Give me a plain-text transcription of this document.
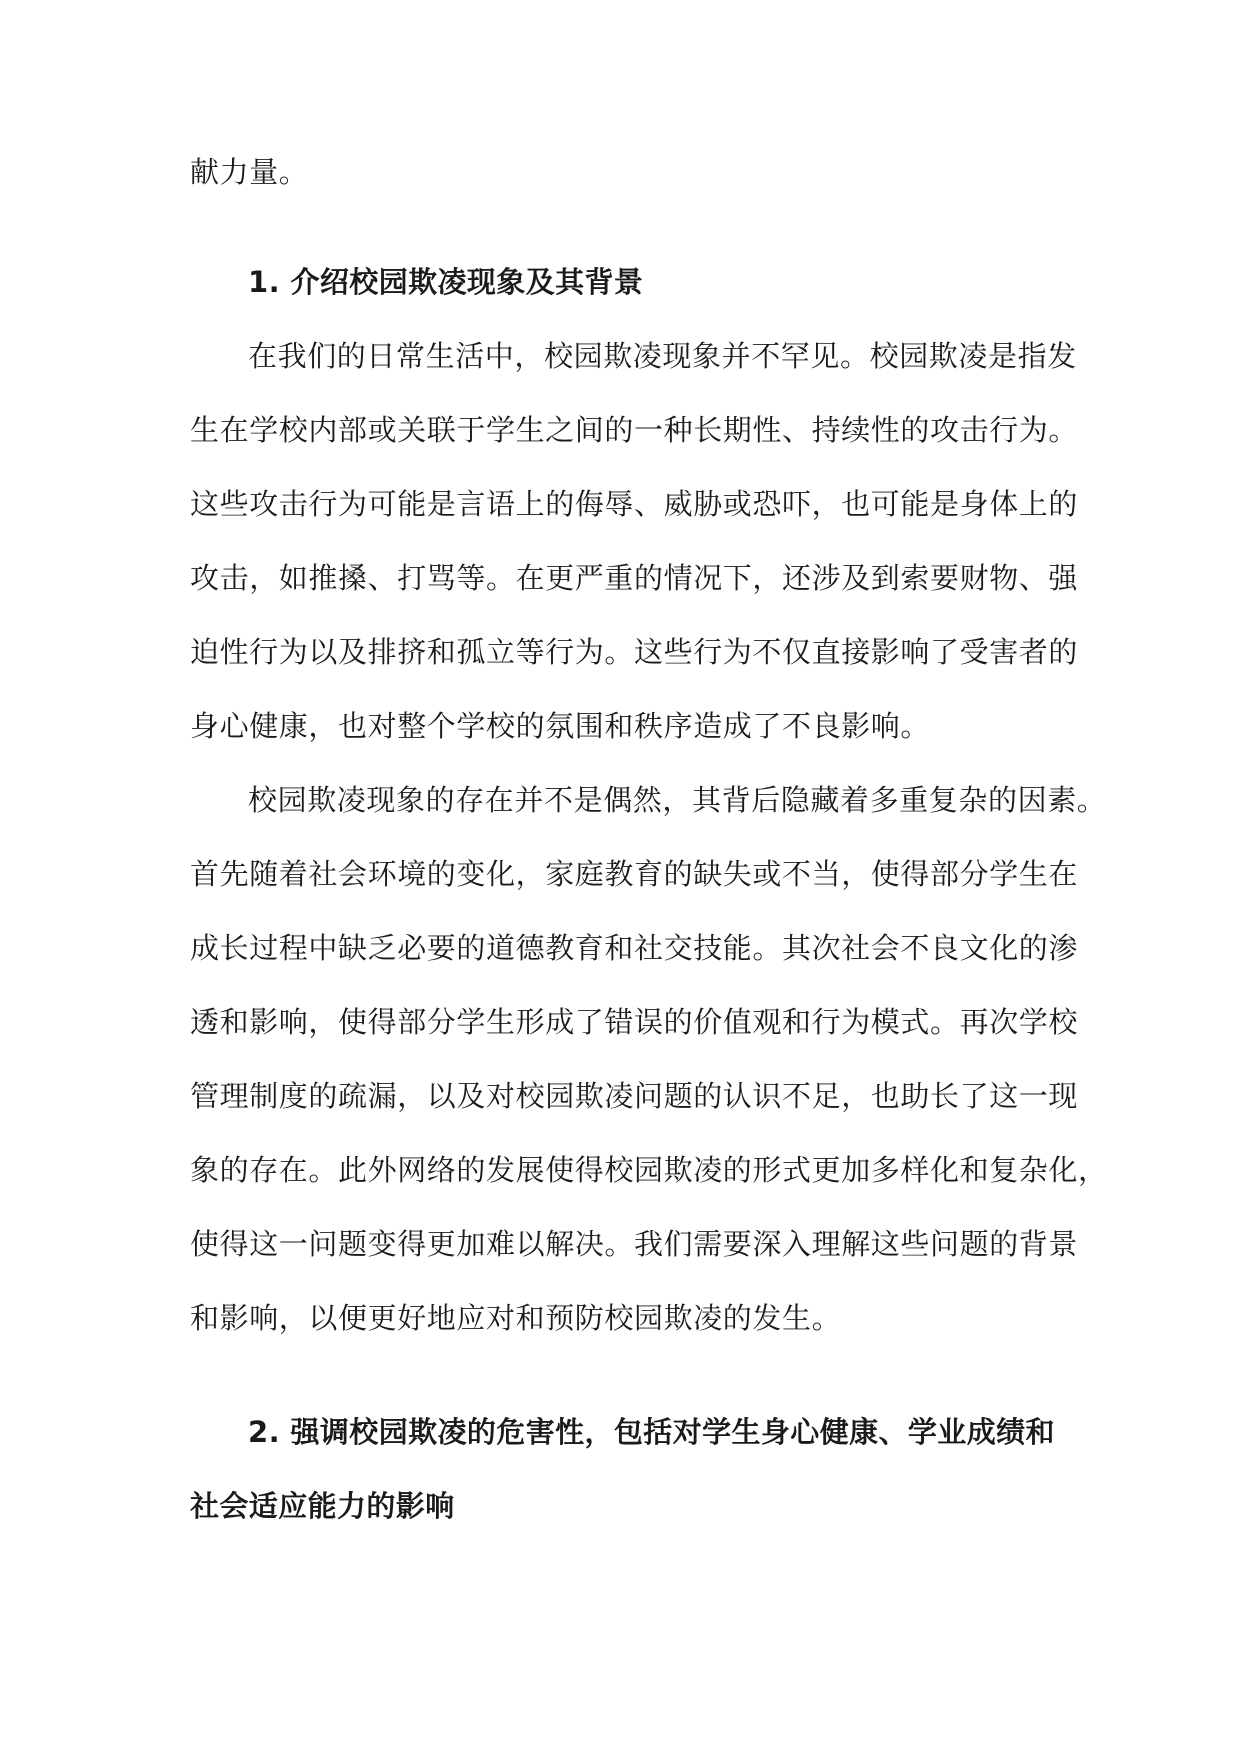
献力量。
1. 介绍校园欺凌现象及其背景
在我们的日常生活中，校园欺凌现象并不罕见。校园欺凌是指发
生在学校内部或关联于学生之间的一种长期性、持续性的攻击行为。
这些攻击行为可能是言语上的侮辱、威胁或恐吓，也可能是身体上的
攻击，如推搡、打骂等。在更严重的情况下，还涉及到索要财物、强
迫性行为以及排挤和孤立等行为。这些行为不仅直接影响了受害者的
身心健康，也对整个学校的氛围和秩序造成了不良影响。
校园欺凌现象的存在并不是偶然，其背后隐藏着多重复杂的因素。
首先随着社会环境的变化，家庭教育的缺失或不当，使得部分学生在
成长过程中缺乏必要的道德教育和社交技能。其次社会不良文化的渗
透和影响，使得部分学生形成了错误的价值观和行为模式。再次学校
管理制度的疏漏，以及对校园欺凌问题的认识不足，也助长了这一现
象的存在。此外网络的发展使得校园欺凌的形式更加多样化和复杂化，
使得这一问题变得更加难以解决。我们需要深入理解这些问题的背景
和影响，以便更好地应对和预防校园欺凌的发生。
2. 强调校园欺凌的危害性，包括对学生身心健康、学业成绩和
社会适应能力的影响
